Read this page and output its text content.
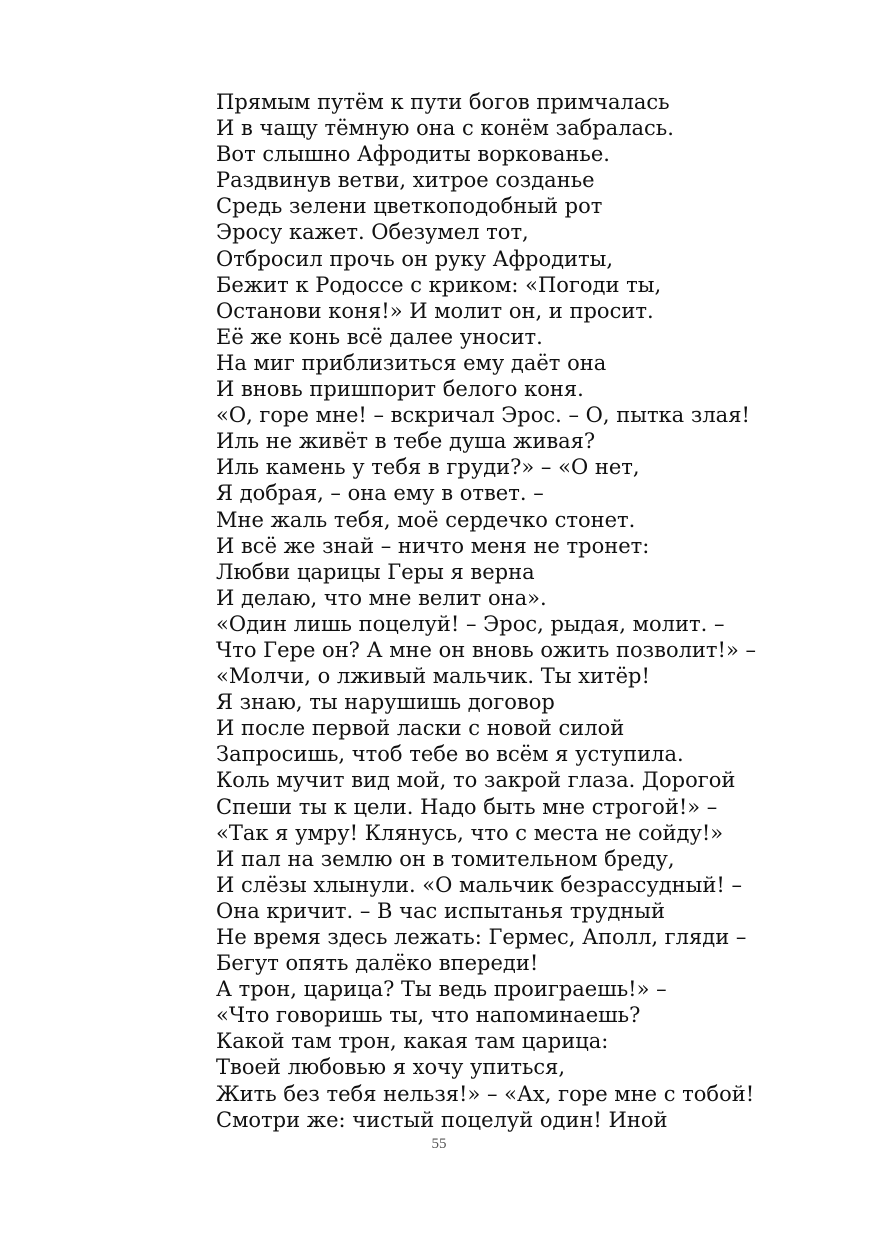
Прямым путём к пути богов примчалась
И в чащу тёмную она с конём забралась.
Вот слышно Афродиты воркованье.
Раздвинув ветви, хитрое созданье
Средь зелени цветкоподобный рот
Эросу кажет. Обезумел тот,
Отбросил прочь он руку Афродиты,
Бежит к Родоссе с криком: «Погоди ты,
Останови коня!» И молит он, и просит.
Её же конь всё далее уносит.
На миг приблизиться ему даёт она
И вновь пришпорит белого коня.
«О, горе мне! – вскричал Эрос. – О, пытка злая!
Иль не живёт в тебе душа живая?
Иль камень у тебя в груди?» – «О нет,
Я добрая, – она ему в ответ. –
Мне жаль тебя, моё сердечко стонет.
И всё же знай – ничто меня не тронет:
Любви царицы Геры я верна
И делаю, что мне велит она».
«Один лишь поцелуй! – Эрос, рыдая, молит. –
Что Гере он? А мне он вновь ожить позволит!» –
«Молчи, о лживый мальчик. Ты хитёр!
Я знаю, ты нарушишь договор
И после первой ласки с новой силой
Запросишь, чтоб тебе во всём я уступила.
Коль мучит вид мой, то закрой глаза. Дорогой
Спеши ты к цели. Надо быть мне строгой!» –
«Так я умру! Клянусь, что с места не сойду!»
И пал на землю он в томительном бреду,
И слёзы хлынули. «О мальчик безрассудный! –
Она кричит. – В час испытанья трудный
Не время здесь лежать: Гермес, Аполл, гляди –
Бегут опять далёко впереди!
А трон, царица? Ты ведь проиграешь!» –
«Что говоришь ты, что напоминаешь?
Какой там трон, какая там царица:
Твоей любовью я хочу упиться,
Жить без тебя нельзя!» – «Ах, горе мне с тобой!
Смотри же: чистый поцелуй один! Иной
55
